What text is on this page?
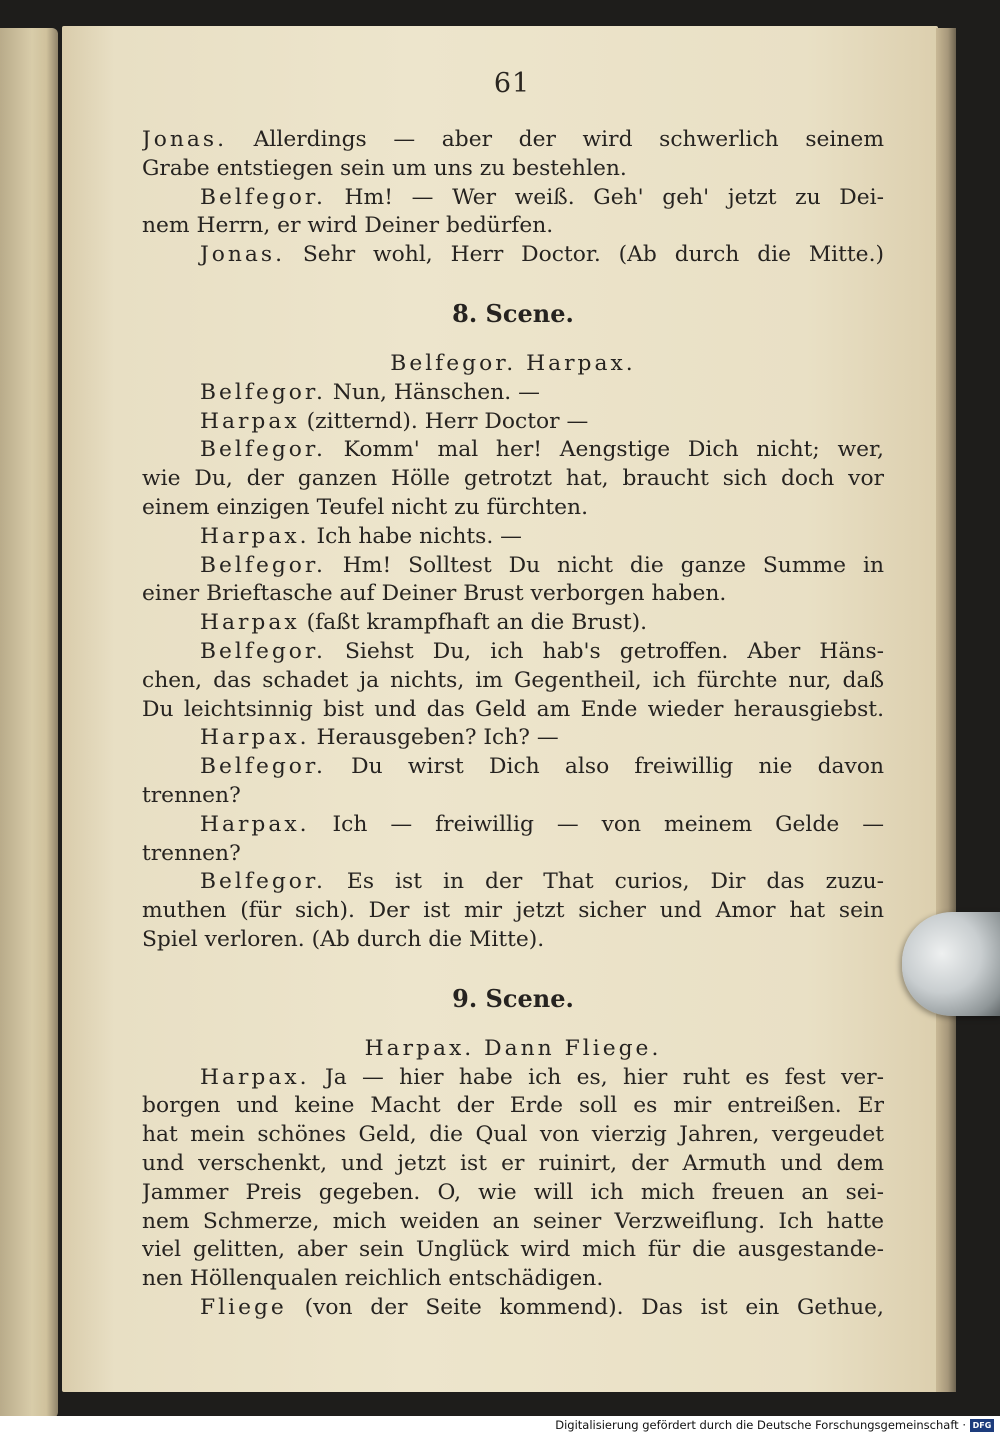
61
Jonas. Allerdings — aber der wird schwerlich seinem
Grabe entstiegen sein um uns zu bestehlen.
Belfegor. Hm! — Wer weiß. Geh' geh' jetzt zu Dei-
nem Herrn, er wird Deiner bedürfen.
Jonas. Sehr wohl, Herr Doctor. (Ab durch die Mitte.)
8. Scene.
Belfegor. Harpax.
Belfegor. Nun, Hänschen. —
Harpax (zitternd). Herr Doctor —
Belfegor. Komm' mal her! Aengstige Dich nicht; wer,
wie Du, der ganzen Hölle getrotzt hat, braucht sich doch vor
einem einzigen Teufel nicht zu fürchten.
Harpax. Ich habe nichts. —
Belfegor. Hm! Solltest Du nicht die ganze Summe in
einer Brieftasche auf Deiner Brust verborgen haben.
Harpax (faßt krampfhaft an die Brust).
Belfegor. Siehst Du, ich hab's getroffen. Aber Häns-
chen, das schadet ja nichts, im Gegentheil, ich fürchte nur, daß
Du leichtsinnig bist und das Geld am Ende wieder herausgiebst.
Harpax. Herausgeben? Ich? —
Belfegor. Du wirst Dich also freiwillig nie davon
trennen?
Harpax. Ich — freiwillig — von meinem Gelde —
trennen?
Belfegor. Es ist in der That curios, Dir das zuzu-
muthen (für sich). Der ist mir jetzt sicher und Amor hat sein
Spiel verloren. (Ab durch die Mitte).
9. Scene.
Harpax. Dann Fliege.
Harpax. Ja — hier habe ich es, hier ruht es fest ver-
borgen und keine Macht der Erde soll es mir entreißen. Er
hat mein schönes Geld, die Qual von vierzig Jahren, vergeudet
und verschenkt, und jetzt ist er ruinirt, der Armuth und dem
Jammer Preis gegeben. O, wie will ich mich freuen an sei-
nem Schmerze, mich weiden an seiner Verzweiflung. Ich hatte
viel gelitten, aber sein Unglück wird mich für die ausgestande-
nen Höllenqualen reichlich entschädigen.
Fliege (von der Seite kommend). Das ist ein Gethue,
Digitalisierung gefördert durch die Deutsche Forschungsgemeinschaft · DFG
